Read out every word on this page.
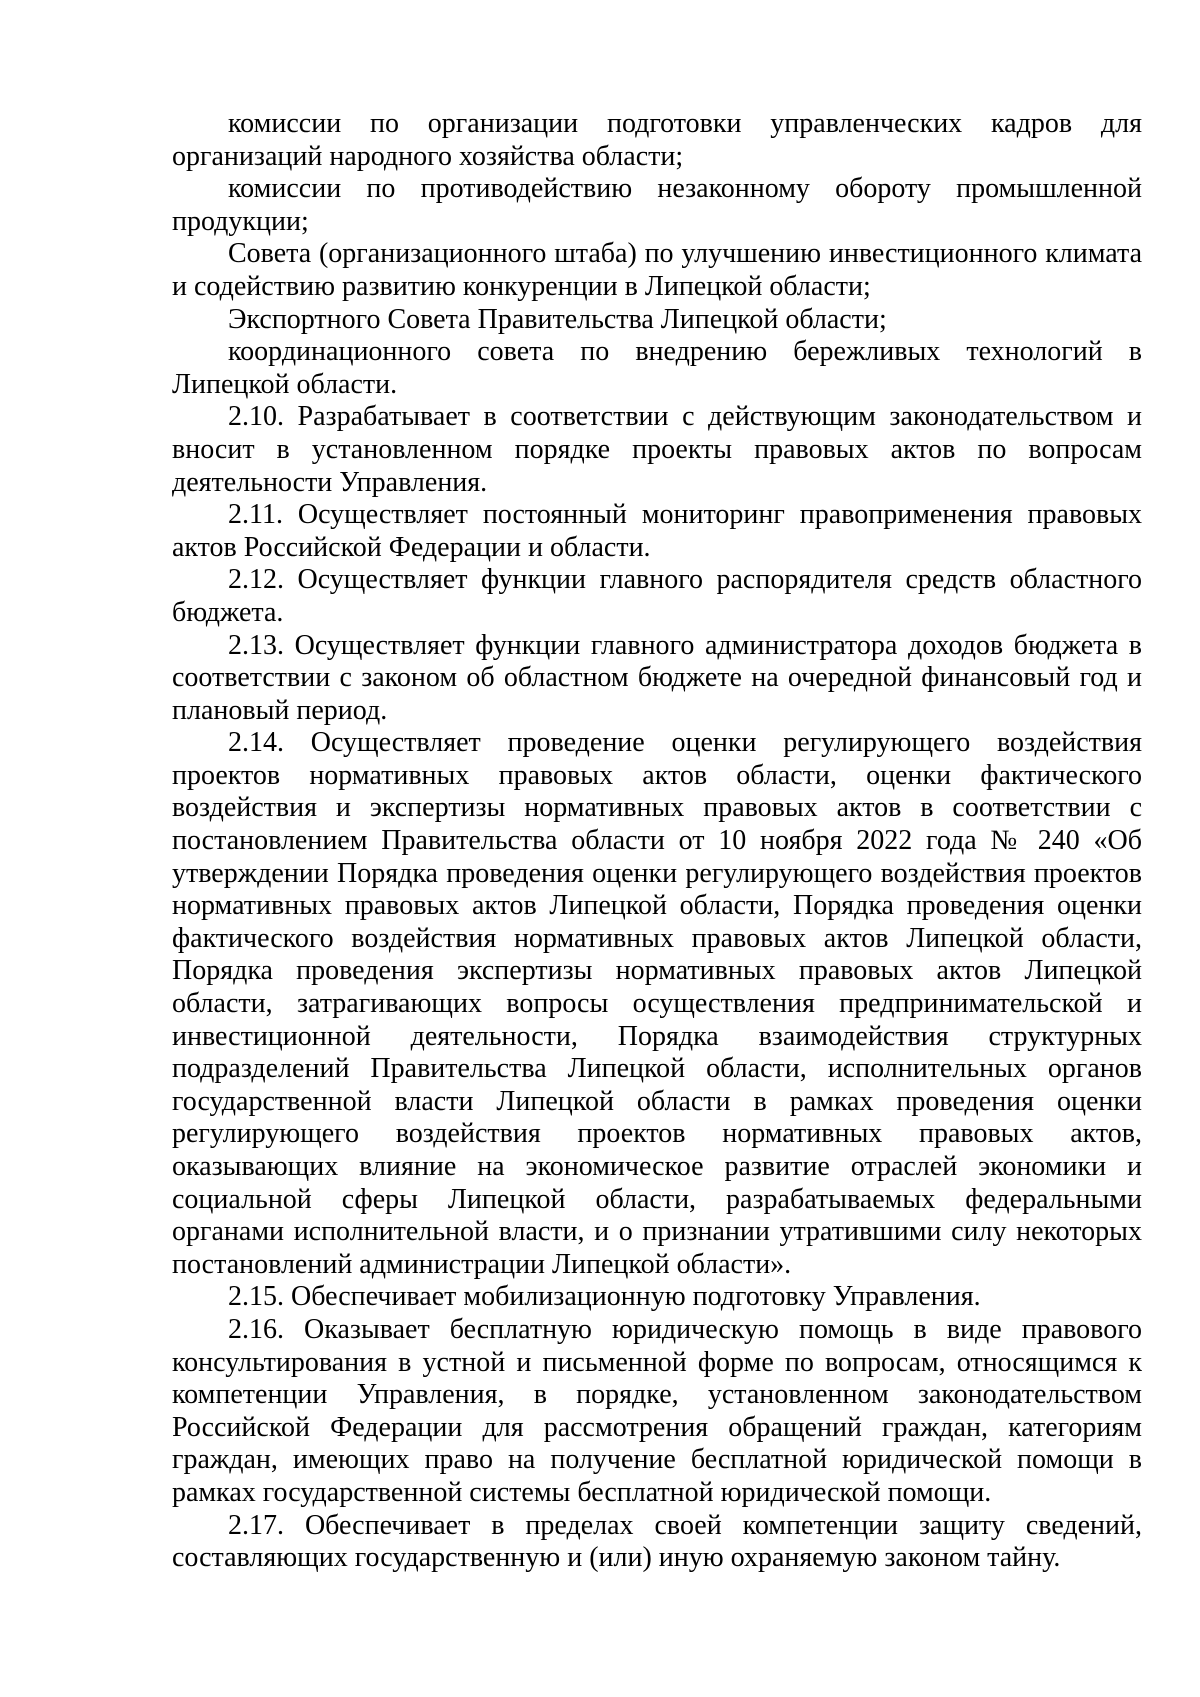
комиссии по организации подготовки управленческих кадров для организаций народного хозяйства области;

комиссии по противодействию незаконному обороту промышленной продукции;

Совета (организационного штаба) по улучшению инвестиционного климата и содействию развитию конкуренции в Липецкой области;

Экспортного Совета Правительства Липецкой области;

координационного совета по внедрению бережливых технологий в Липецкой области.

2.10. Разрабатывает в соответствии с действующим законодательством и вносит в установленном порядке проекты правовых актов по вопросам деятельности Управления.

2.11. Осуществляет постоянный мониторинг правоприменения правовых актов Российской Федерации и области.

2.12. Осуществляет функции главного распорядителя средств областного бюджета.

2.13. Осуществляет функции главного администратора доходов бюджета в соответствии с законом об областном бюджете на очередной финансовый год и плановый период.

2.14. Осуществляет проведение оценки регулирующего воздействия проектов нормативных правовых актов области, оценки фактического воздействия и экспертизы нормативных правовых актов в соответствии с постановлением Правительства области от 10 ноября 2022 года № 240 «Об утверждении Порядка проведения оценки регулирующего воздействия проектов нормативных правовых актов Липецкой области, Порядка проведения оценки фактического воздействия нормативных правовых актов Липецкой области, Порядка проведения экспертизы нормативных правовых актов Липецкой области, затрагивающих вопросы осуществления предпринимательской и инвестиционной деятельности, Порядка взаимодействия структурных подразделений Правительства Липецкой области, исполнительных органов государственной власти Липецкой области в рамках проведения оценки регулирующего воздействия проектов нормативных правовых актов, оказывающих влияние на экономическое развитие отраслей экономики и социальной сферы Липецкой области, разрабатываемых федеральными органами исполнительной власти, и о признании утратившими силу некоторых постановлений администрации Липецкой области».

2.15. Обеспечивает мобилизационную подготовку Управления.

2.16. Оказывает бесплатную юридическую помощь в виде правового консультирования в устной и письменной форме по вопросам, относящимся к компетенции Управления, в порядке, установленном законодательством Российской Федерации для рассмотрения обращений граждан, категориям граждан, имеющих право на получение бесплатной юридической помощи в рамках государственной системы бесплатной юридической помощи.

2.17. Обеспечивает в пределах своей компетенции защиту сведений, составляющих государственную и (или) иную охраняемую законом тайну.
